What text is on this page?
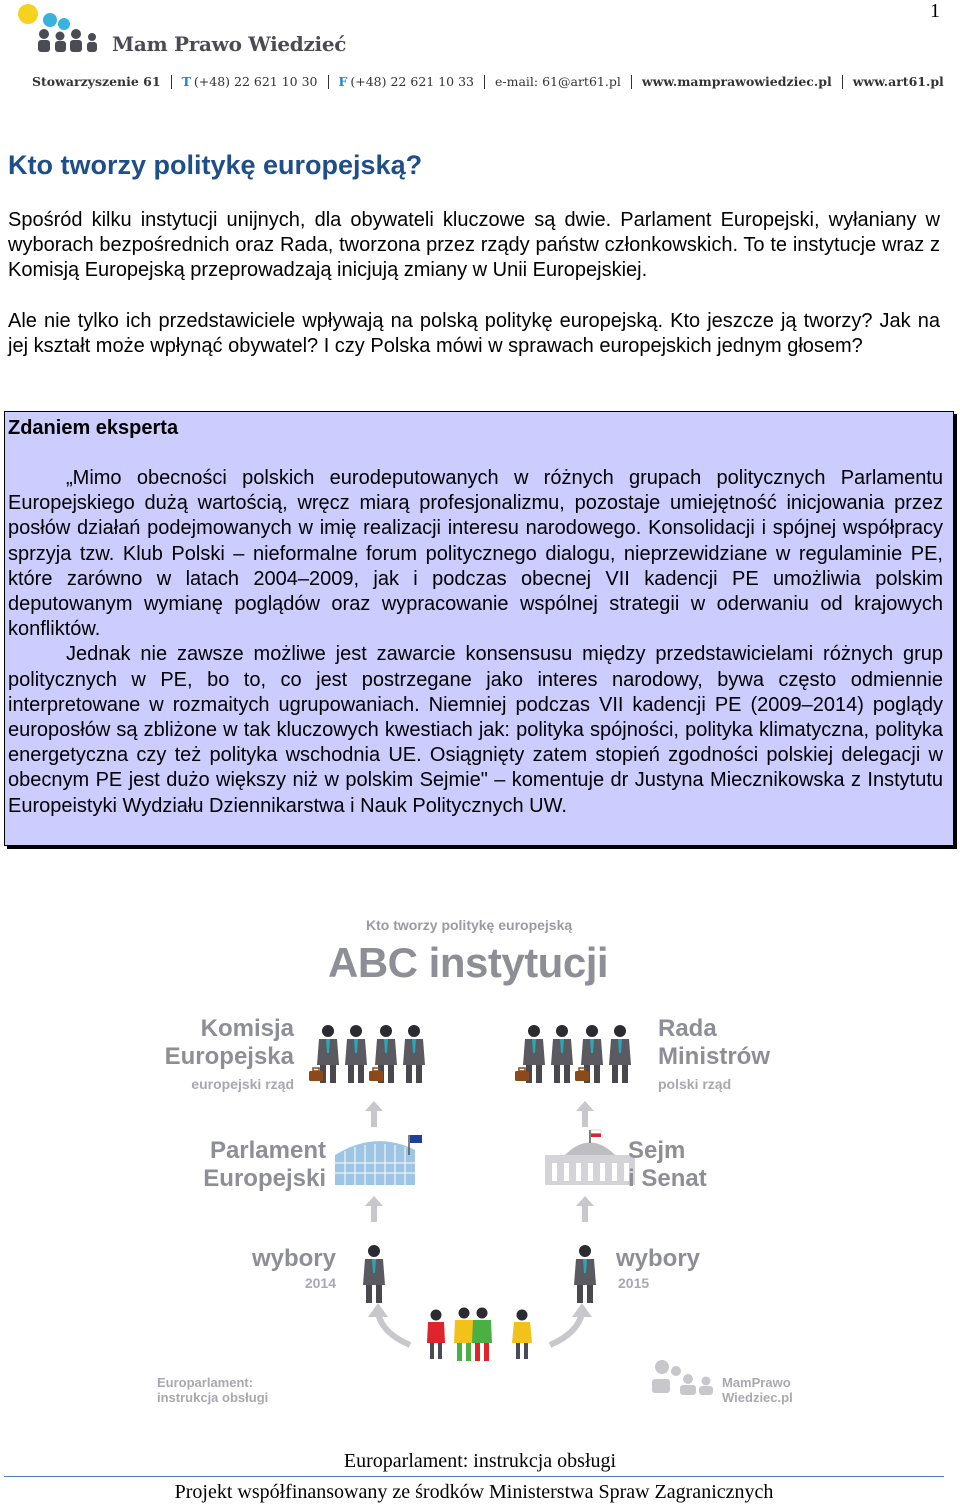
1
Mam Prawo Wiedzieć
Stowarzyszenie 61 T (+48) 22 621 10 30 F (+48) 22 621 10 33 e-mail: 61@art61.pl www.mamprawowiedziec.pl www.art61.pl
Kto tworzy politykę europejską?

Spośród kilku instytucji unijnych, dla obywateli kluczowe są dwie. Parlament Europejski, wyłaniany w wyborach bezpośrednich oraz Rada, tworzona przez rządy państw członkowskich. To te instytucje wraz z Komisją Europejską przeprowadzają inicjują zmiany w Unii Europejskiej.

Ale nie tylko ich przedstawiciele wpływają na polską politykę europejską. Kto jeszcze ją tworzy? Jak na jej kształt może wpłynąć obywatel? I czy Polska mówi w sprawach europejskich jednym głosem?

Zdaniem eksperta

„Mimo obecności polskich eurodeputowanych w różnych grupach politycznych Parlamentu Europejskiego dużą wartością, wręcz miarą profesjonalizmu, pozostaje umiejętność inicjowania przez posłów działań podejmowanych w imię realizacji interesu narodowego. Konsolidacji i spójnej współpracy sprzyja tzw. Klub Polski – nieformalne forum politycznego dialogu, nieprzewidziane w regulaminie PE, które zarówno w latach 2004–2009, jak i podczas obecnej VII kadencji PE umożliwia polskim deputowanym wymianę poglądów oraz wypracowanie wspólnej strategii w oderwaniu od krajowych konfliktów.

Jednak nie zawsze możliwe jest zawarcie konsensusu między przedstawicielami różnych grup politycznych w PE, bo to, co jest postrzegane jako interes narodowy, bywa często odmiennie interpretowane w rozmaitych ugrupowaniach. Niemniej podczas VII kadencji PE (2009–2014) poglądy europosłów są zbliżone w tak kluczowych kwestiach jak: polityka spójności, polityka klimatyczna, polityka energetyczna czy też polityka wschodnia UE. Osiągnięty zatem stopień zgodności polskiej delegacji w obecnym PE jest dużo większy niż w polskim Sejmie" – komentuje dr Justyna Miecznikowska z Instytutu Europeistyki Wydziału Dziennikarstwa i Nauk Politycznych UW.

Kto tworzy politykę europejską
ABC instytucji
Komisja
Europejska
europejski rząd
Rada
Ministrów
polski rząd
Parlament
Europejski
Sejm
i Senat
wybory
2014
wybory
2015
Europarlament:
instrukcja obsługi
MamPrawo
Wiedziec.pl
Europarlament: instrukcja obsługi
Projekt współfinansowany ze środków Ministerstwa Spraw Zagranicznych
